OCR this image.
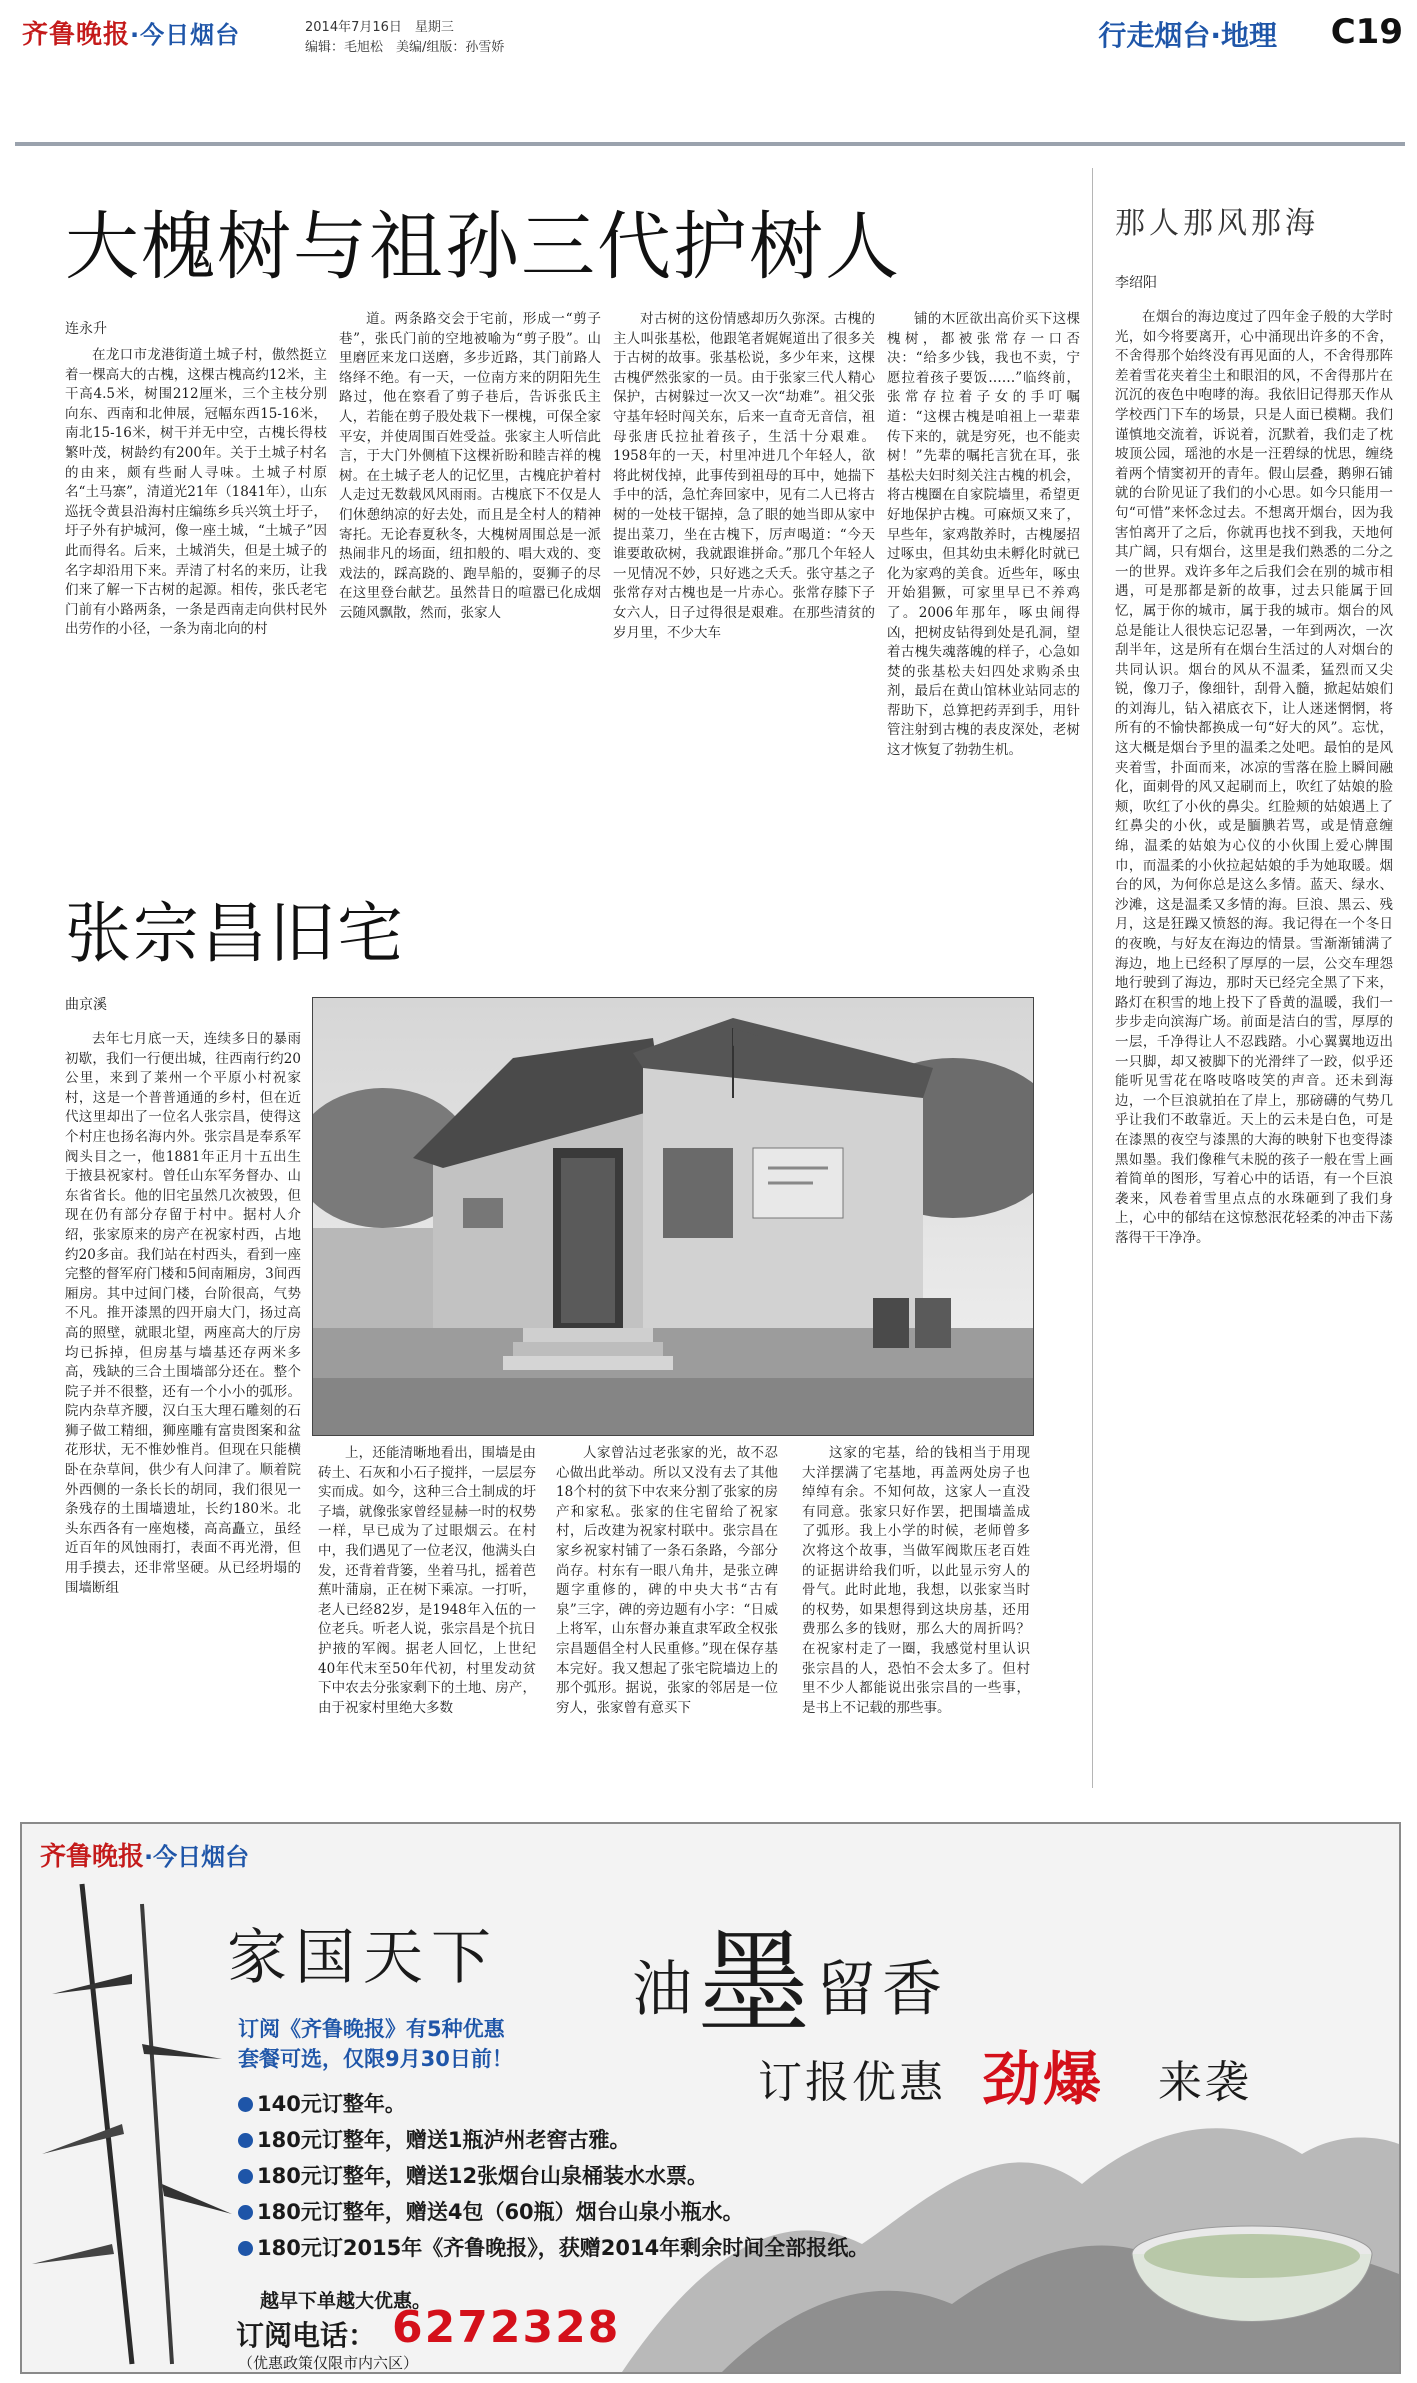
齐鲁晚报·今日烟台	2014年7月16日　星期三
编辑：毛旭松　美编/组版：孙雪娇	行走烟台·地理 C19
大槐树与祖孙三代护树人
连永升

在龙口市龙港街道土城子村，傲然挺立着一棵高大的古槐，这棵古槐高约12米，主干高4.5米，树围212厘米，三个主枝分别向东、西南和北伸展，冠幅东西15-16米，南北15-16米，树干并无中空，古槐长得枝繁叶茂，树龄约有200年。关于土城子村名的由来，颇有些耐人寻味。土城子村原名“土马寨”，清道光21年（1841年），山东巡抚令黄县沿海村庄编练乡兵兴筑土圩子，圩子外有护城河，像一座土城，“土城子”因此而得名。后来，土城消失，但是土城子的名字却沿用下来。弄清了村名的来历，让我们来了解一下古树的起源。相传，张氏老宅门前有小路两条，一条是西南走向供村民外出劳作的小径，一条为南北向的村

道。两条路交会于宅前，形成一“剪子巷”，张氏门前的空地被喻为“剪子股”。山里磨匠来龙口送磨，多步近路，其门前路人络绎不绝。有一天，一位南方来的阴阳先生路过，他在察看了剪子巷后，告诉张氏主人，若能在剪子股处栽下一棵槐，可保全家平安，并使周围百姓受益。张家主人听信此言，于大门外侧植下这棵祈盼和睦吉祥的槐树。在土城子老人的记忆里，古槐庇护着村人走过无数载风风雨雨。古槐底下不仅是人们休憩纳凉的好去处，而且是全村人的精神寄托。无论春夏秋冬，大槐树周围总是一派热闹非凡的场面，纽扣般的、唱大戏的、变戏法的，踩高跷的、跑旱船的，耍狮子的尽在这里登台献艺。虽然昔日的喧嚣已化成烟云随风飘散，然而，张家人

对古树的这份情感却历久弥深。古槐的主人叫张基松，他跟笔者娓娓道出了很多关于古树的故事。张基松说，多少年来，这棵古槐俨然张家的一员。由于张家三代人精心保护，古树躲过一次又一次“劫难”。祖父张守基年轻时闯关东，后来一直奇无音信，祖母张唐氏拉扯着孩子，生活十分艰难。1958年的一天，村里冲进几个年轻人，欲将此树伐掉，此事传到祖母的耳中，她揣下手中的活，急忙奔回家中，见有二人已将古树的一处枝干锯掉，急了眼的她当即从家中提出菜刀，坐在古槐下，厉声喝道：“今天谁要敢砍树，我就跟谁拼命。”那几个年轻人一见情况不妙，只好逃之夭夭。张守基之子张常存对古槐也是一片赤心。张常存膝下子女六人，日子过得很是艰难。在那些清贫的岁月里，不少大车

铺的木匠欲出高价买下这棵槐树，都被张常存一口否决：“给多少钱，我也不卖，宁愿拉着孩子要饭……”临终前，张常存拉着子女的手叮嘱道：“这棵古槐是咱祖上一辈辈传下来的，就是穷死，也不能卖树！”先辈的嘱托言犹在耳，张基松夫妇时刻关注古槐的机会，将古槐圈在自家院墙里，希望更好地保护古槐。可麻烦又来了，早些年，家鸡散养时，古槐屡招过啄虫，但其幼虫未孵化时就已化为家鸡的美食。近些年，啄虫开始猖獗，可家里早已不养鸡了。2006年那年，啄虫闹得凶，把树皮钻得到处是孔洞，望着古槐失魂落魄的样子，心急如焚的张基松夫妇四处求购杀虫剂，最后在黄山馆林业站同志的帮助下，总算把药弄到手，用针管注射到古槐的表皮深处，老树这才恢复了勃勃生机。

那人那风那海
李绍阳

在烟台的海边度过了四年金子般的大学时光，如今将要离开，心中涌现出许多的不舍，不舍得那个始终没有再见面的人，不舍得那阵差着雪花夹着尘土和眼泪的风，不舍得那片在沉沉的夜色中咆哮的海。我依旧记得那天作从学校西门下车的场景，只是人面已模糊。我们谨慎地交流着，诉说着，沉默着，我们走了枕坡顶公园，瑶池的水是一汪碧绿的忧思，缠绕着两个情窦初开的青年。假山层叠，鹅卵石铺就的台阶见证了我们的小心思。如今只能用一句“可惜”来怀念过去。不想离开烟台，因为我害怕离开了之后，你就再也找不到我，天地何其广阔，只有烟台，这里是我们熟悉的二分之一的世界。戏许多年之后我们会在别的城市相遇，可是那都是新的故事，过去只能属于回忆，属于你的城市，属于我的城市。烟台的风总是能让人很快忘记忍暑，一年到两次，一次刮半年，这是所有在烟台生活过的人对烟台的共同认识。烟台的风从不温柔，猛烈而又尖锐，像刀子，像细针，刮骨入髓，掀起姑娘们的刘海儿，钻入裙底衣下，让人迷迷惘惘，将所有的不愉快都换成一句“好大的风”。忘忧，这大概是烟台予里的温柔之处吧。最怕的是风夹着雪，扑面而来，冰凉的雪落在脸上瞬间融化，面刺骨的风又起刷而上，吹红了姑娘的脸颊，吹红了小伙的鼻尖。红脸颊的姑娘遇上了红鼻尖的小伙，或是腼腆若骂，或是情意缠绵，温柔的姑娘为心仪的小伙围上爱心牌围巾，而温柔的小伙拉起姑娘的手为她取暖。烟台的风，为何你总是这么多情。蓝天、绿水、沙滩，这是温柔又多情的海。巨浪、黑云、残月，这是狂躁又愤怒的海。我记得在一个冬日的夜晚，与好友在海边的情景。雪渐渐铺满了海边，地上已经积了厚厚的一层，公交车理怨地行驶到了海边，那时天已经完全黑了下来，路灯在积雪的地上投下了昏黄的温暖，我们一步步走向滨海广场。前面是洁白的雪，厚厚的一层，千净得让人不忍践踏。小心翼翼地迈出一只脚，却又被脚下的光滑绊了一跤，似乎还能听见雪花在咯吱咯吱笑的声音。还未到海边，一个巨浪就拍在了岸上，那磅礴的气势几乎让我们不敢靠近。天上的云未是白色，可是在漆黑的夜空与漆黑的大海的映射下也变得漆黑如墨。我们像稚气未脱的孩子一般在雪上画着简单的图形，写着心中的话语，有一个巨浪袭来，风卷着雪里点点的水珠砸到了我们身上，心中的郁结在这惊愁泯花轻柔的冲击下荡落得干干净净。

张宗昌旧宅
曲京溪

去年七月底一天，连续多日的暴雨初歇，我们一行便出城，往西南行约20公里，来到了莱州一个平原小村祝家村，这是一个普普通通的乡村，但在近代这里却出了一位名人张宗昌，使得这个村庄也扬名海内外。张宗昌是奉系军阀头目之一，他1881年正月十五出生于掖县祝家村。曾任山东军务督办、山东省省长。他的旧宅虽然几次被毁，但现在仍有部分存留于村中。据村人介绍，张家原来的房产在祝家村西，占地约20多亩。我们站在村西头，看到一座完整的督军府门楼和5间南厢房，3间西厢房。其中过间门楼，台阶很高，气势不凡。推开漆黑的四开扇大门，扬过高高的照壁，就眼北望，两座高大的厅房均已拆掉，但房基与墙基还存两米多高，残缺的三合土围墙部分还在。整个院子并不很整，还有一个小小的弧形。院内杂草齐腰，汉白玉大理石雕刻的石狮子做工精细，狮座雕有富贵图案和盆花形状，无不惟妙惟肖。但现在只能横卧在杂草间，供少有人问津了。顺着院外西侧的一条长长的胡同，我们很见一条残存的土围墙遗址，长约180米。北头东西各有一座炮楼，高高矗立，虽经近百年的风蚀雨打，表面不再光滑，但用手摸去，还非常坚硬。从已经坍塌的围墙断组

上，还能清晰地看出，围墙是由砖土、石灰和小石子搅拌，一层层夯实而成。如今，这种三合土制成的圩子墙，就像张家曾经显赫一时的权势一样，早已成为了过眼烟云。在村中，我们遇见了一位老汉，他满头白发，还背着背篓，坐着马扎，摇着芭蕉叶蒲扇，正在树下乘凉。一打听，老人已经82岁，是1948年入伍的一位老兵。听老人说，张宗昌是个抗日护掖的军阀。据老人回忆，上世纪40年代末至50年代初，村里发动贫下中农去分张家剩下的土地、房产，由于祝家村里绝大多数

人家曾沾过老张家的光，故不忍心做出此举动。所以又没有去了其他18个村的贫下中农来分割了张家的房产和家私。张家的住宅留给了祝家村，后改建为祝家村联中。张宗昌在家乡祝家村铺了一条石条路，今部分尚存。村东有一眼八角井，是张立碑题字重修的，碑的中央大书“古有泉”三字，碑的旁边题有小字：“日威上将军，山东督办兼直隶军政全权张宗昌题倡全村人民重修。”现在保存基本完好。我又想起了张宅院墙边上的那个弧形。据说，张家的邻居是一位穷人，张家曾有意买下

这家的宅基，给的钱相当于用现大洋摆满了宅基地，再盖两处房子也绰绰有余。不知何故，这家人一直没有同意。张家只好作罢，把围墙盖成了弧形。我上小学的时候，老师曾多次将这个故事，当做军阀欺压老百姓的证据讲给我们听，以此显示穷人的骨气。此时此地，我想，以张家当时的权势，如果想得到这块房基，还用费那么多的钱财，那么大的周折吗？在祝家村走了一圈，我感觉村里认识张宗昌的人，恐怕不会太多了。但村里不少人都能说出张宗昌的一些事，是书上不记载的那些事。

齐鲁晚报·今日烟台
家国天下 油墨留香
订阅《齐鲁晚报》有5种优惠
套餐可选，仅限9月30日前！	订报优惠 劲爆 来袭
140元订整年。
180元订整年，赠送1瓶泸州老窖古雅。
180元订整年，赠送12张烟台山泉桶装水水票。
180元订整年，赠送4包（60瓶）烟台山泉小瓶水。
180元订2015年《齐鲁晚报》，获赠2014年剩余时间全部报纸。
越早下单越大优惠。
订阅电话： 6272328
（优惠政策仅限市内六区）
